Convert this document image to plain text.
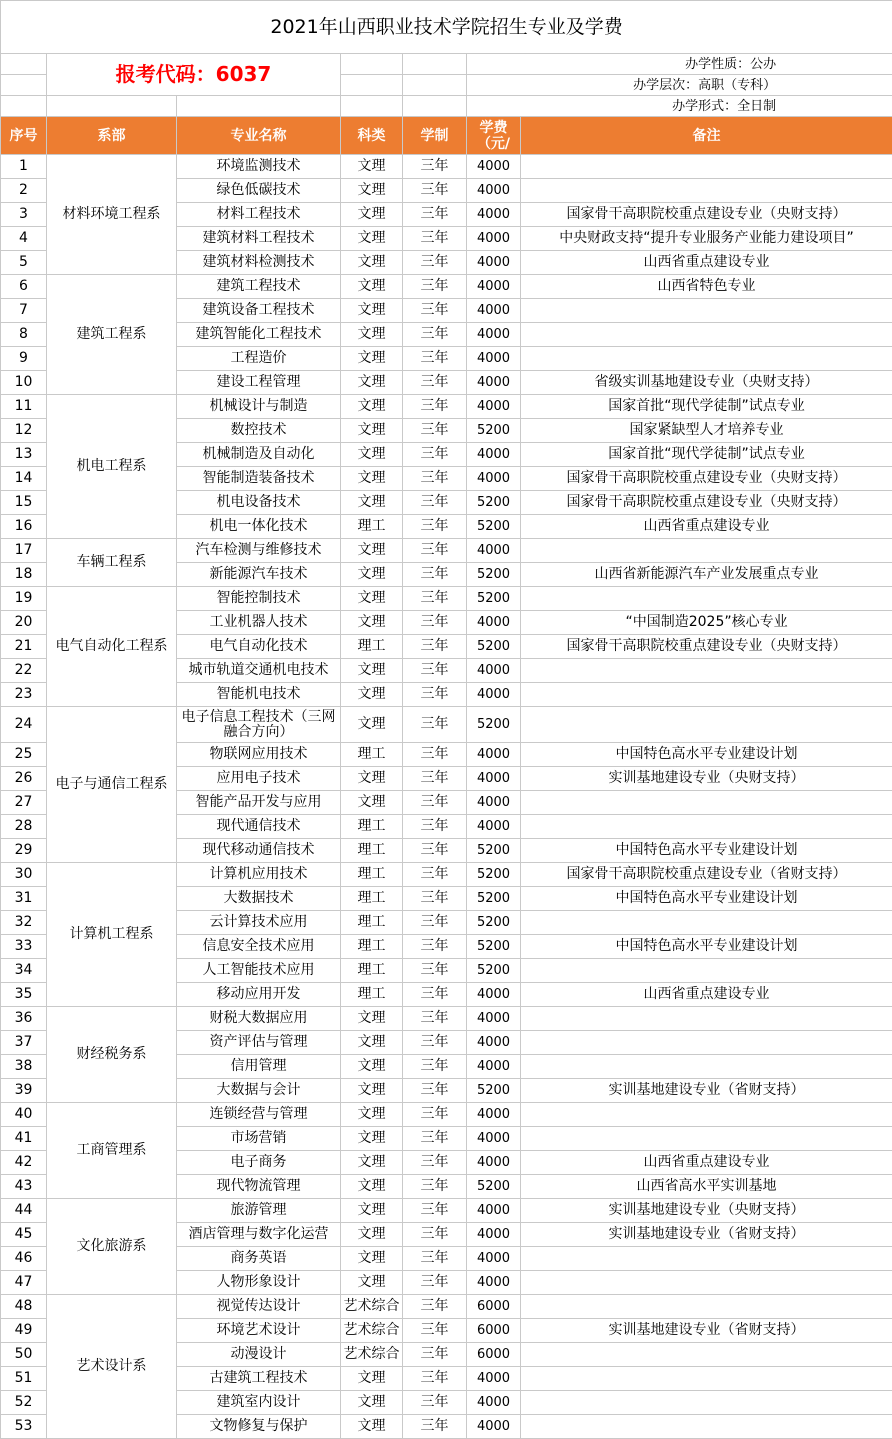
2021年山西职业技术学院招生专业及学费						
	报考代码：6037				办学性质：公办	
					办学层次：高职（专科）	
					办学形式：全日制	
序号	系部	专业名称	科类	学制	学费（元/	备注
1	材料环境工程系	环境监测技术	文理	三年	4000	
2		绿色低碳技术	文理	三年	4000	
3		材料工程技术	文理	三年	4000	国家骨干高职院校重点建设专业（央财支持）
4		建筑材料工程技术	文理	三年	4000	中央财政支持“提升专业服务产业能力建设项目”
5		建筑材料检测技术	文理	三年	4000	山西省重点建设专业
6	建筑工程系	建筑工程技术	文理	三年	4000	山西省特色专业
7		建筑设备工程技术	文理	三年	4000	
8		建筑智能化工程技术	文理	三年	4000	
9		工程造价	文理	三年	4000	
10		建设工程管理	文理	三年	4000	省级实训基地建设专业（央财支持）
11	机电工程系	机械设计与制造	文理	三年	4000	国家首批“现代学徒制”试点专业
12		数控技术	文理	三年	5200	国家紧缺型人才培养专业
13		机械制造及自动化	文理	三年	4000	国家首批“现代学徒制”试点专业
14		智能制造装备技术	文理	三年	4000	国家骨干高职院校重点建设专业（央财支持）
15		机电设备技术	文理	三年	5200	国家骨干高职院校重点建设专业（央财支持）
16		机电一体化技术	理工	三年	5200	山西省重点建设专业
17	车辆工程系	汽车检测与维修技术	文理	三年	4000	
18		新能源汽车技术	文理	三年	5200	山西省新能源汽车产业发展重点专业
19	电气自动化工程系	智能控制技术	文理	三年	5200	
20		工业机器人技术	文理	三年	4000	“中国制造2025”核心专业
21		电气自动化技术	理工	三年	5200	国家骨干高职院校重点建设专业（央财支持）
22		城市轨道交通机电技术	文理	三年	4000	
23		智能机电技术	文理	三年	4000	
24	电子与通信工程系	电子信息工程技术（三网融合方向）	文理	三年	5200	
25		物联网应用技术	理工	三年	4000	中国特色高水平专业建设计划
26		应用电子技术	文理	三年	4000	实训基地建设专业（央财支持）
27		智能产品开发与应用	文理	三年	4000	
28		现代通信技术	理工	三年	4000	
29		现代移动通信技术	理工	三年	5200	中国特色高水平专业建设计划
30	计算机工程系	计算机应用技术	理工	三年	5200	国家骨干高职院校重点建设专业（省财支持）
31		大数据技术	理工	三年	5200	中国特色高水平专业建设计划
32		云计算技术应用	理工	三年	5200	
33		信息安全技术应用	理工	三年	5200	中国特色高水平专业建设计划
34		人工智能技术应用	理工	三年	5200	
35		移动应用开发	理工	三年	4000	山西省重点建设专业
36	财经税务系	财税大数据应用	文理	三年	4000	
37		资产评估与管理	文理	三年	4000	
38		信用管理	文理	三年	4000	
39		大数据与会计	文理	三年	5200	实训基地建设专业（省财支持）
40	工商管理系	连锁经营与管理	文理	三年	4000	
41		市场营销	文理	三年	4000	
42		电子商务	文理	三年	4000	山西省重点建设专业
43		现代物流管理	文理	三年	5200	山西省高水平实训基地
44	文化旅游系	旅游管理	文理	三年	4000	实训基地建设专业（央财支持）
45		酒店管理与数字化运营	文理	三年	4000	实训基地建设专业（省财支持）
46		商务英语	文理	三年	4000	
47		人物形象设计	文理	三年	4000	
48	艺术设计系	视觉传达设计	艺术综合	三年	6000	
49		环境艺术设计	艺术综合	三年	6000	实训基地建设专业（省财支持）
50		动漫设计	艺术综合	三年	6000	
51		古建筑工程技术	文理	三年	4000	
52		建筑室内设计	文理	三年	4000	
53		文物修复与保护	文理	三年	4000	
